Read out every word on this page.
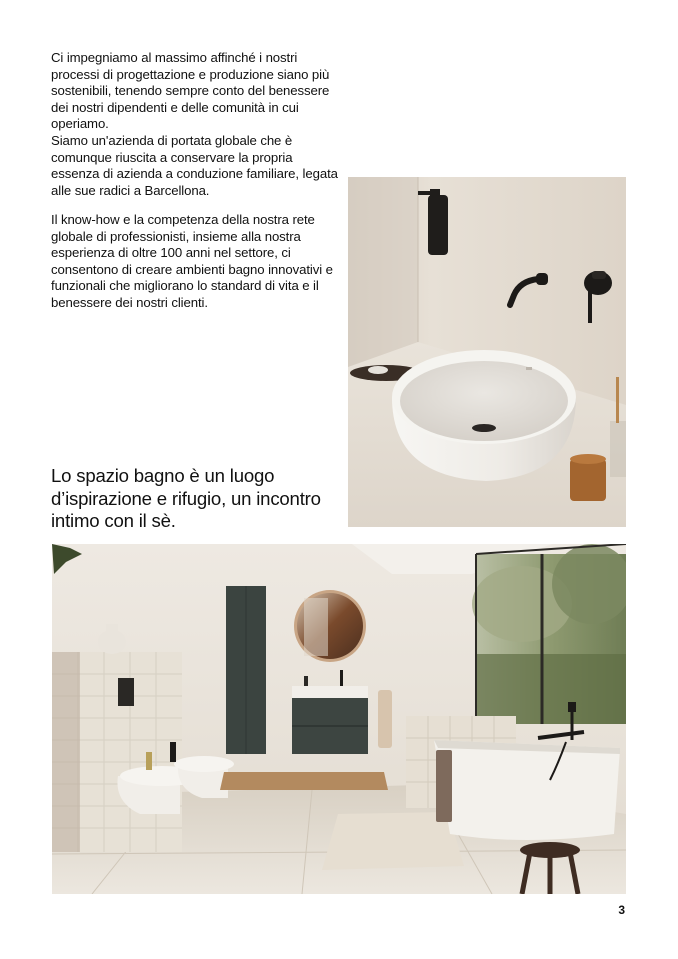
Ci impegniamo al massimo affinché i nostri processi di progettazione e produzione siano più sostenibili, tenendo sempre conto del benessere dei nostri dipendenti e delle comunità in cui operiamo.
Siamo un'azienda di portata globale che è comunque riuscita a conservare la propria essenza di azienda a conduzione familiare, legata alle sue radici a Barcellona.

Il know-how e la competenza della nostra rete globale di professionisti, insieme alla nostra esperienza di oltre 100 anni nel settore, ci consentono di creare ambienti bagno innovativi e funzionali che migliorano lo standard di vita e il benessere dei nostri clienti.

Lo spazio bagno è un luogo d’ispirazione e rifugio, un incontro intimo con il sè.

3
